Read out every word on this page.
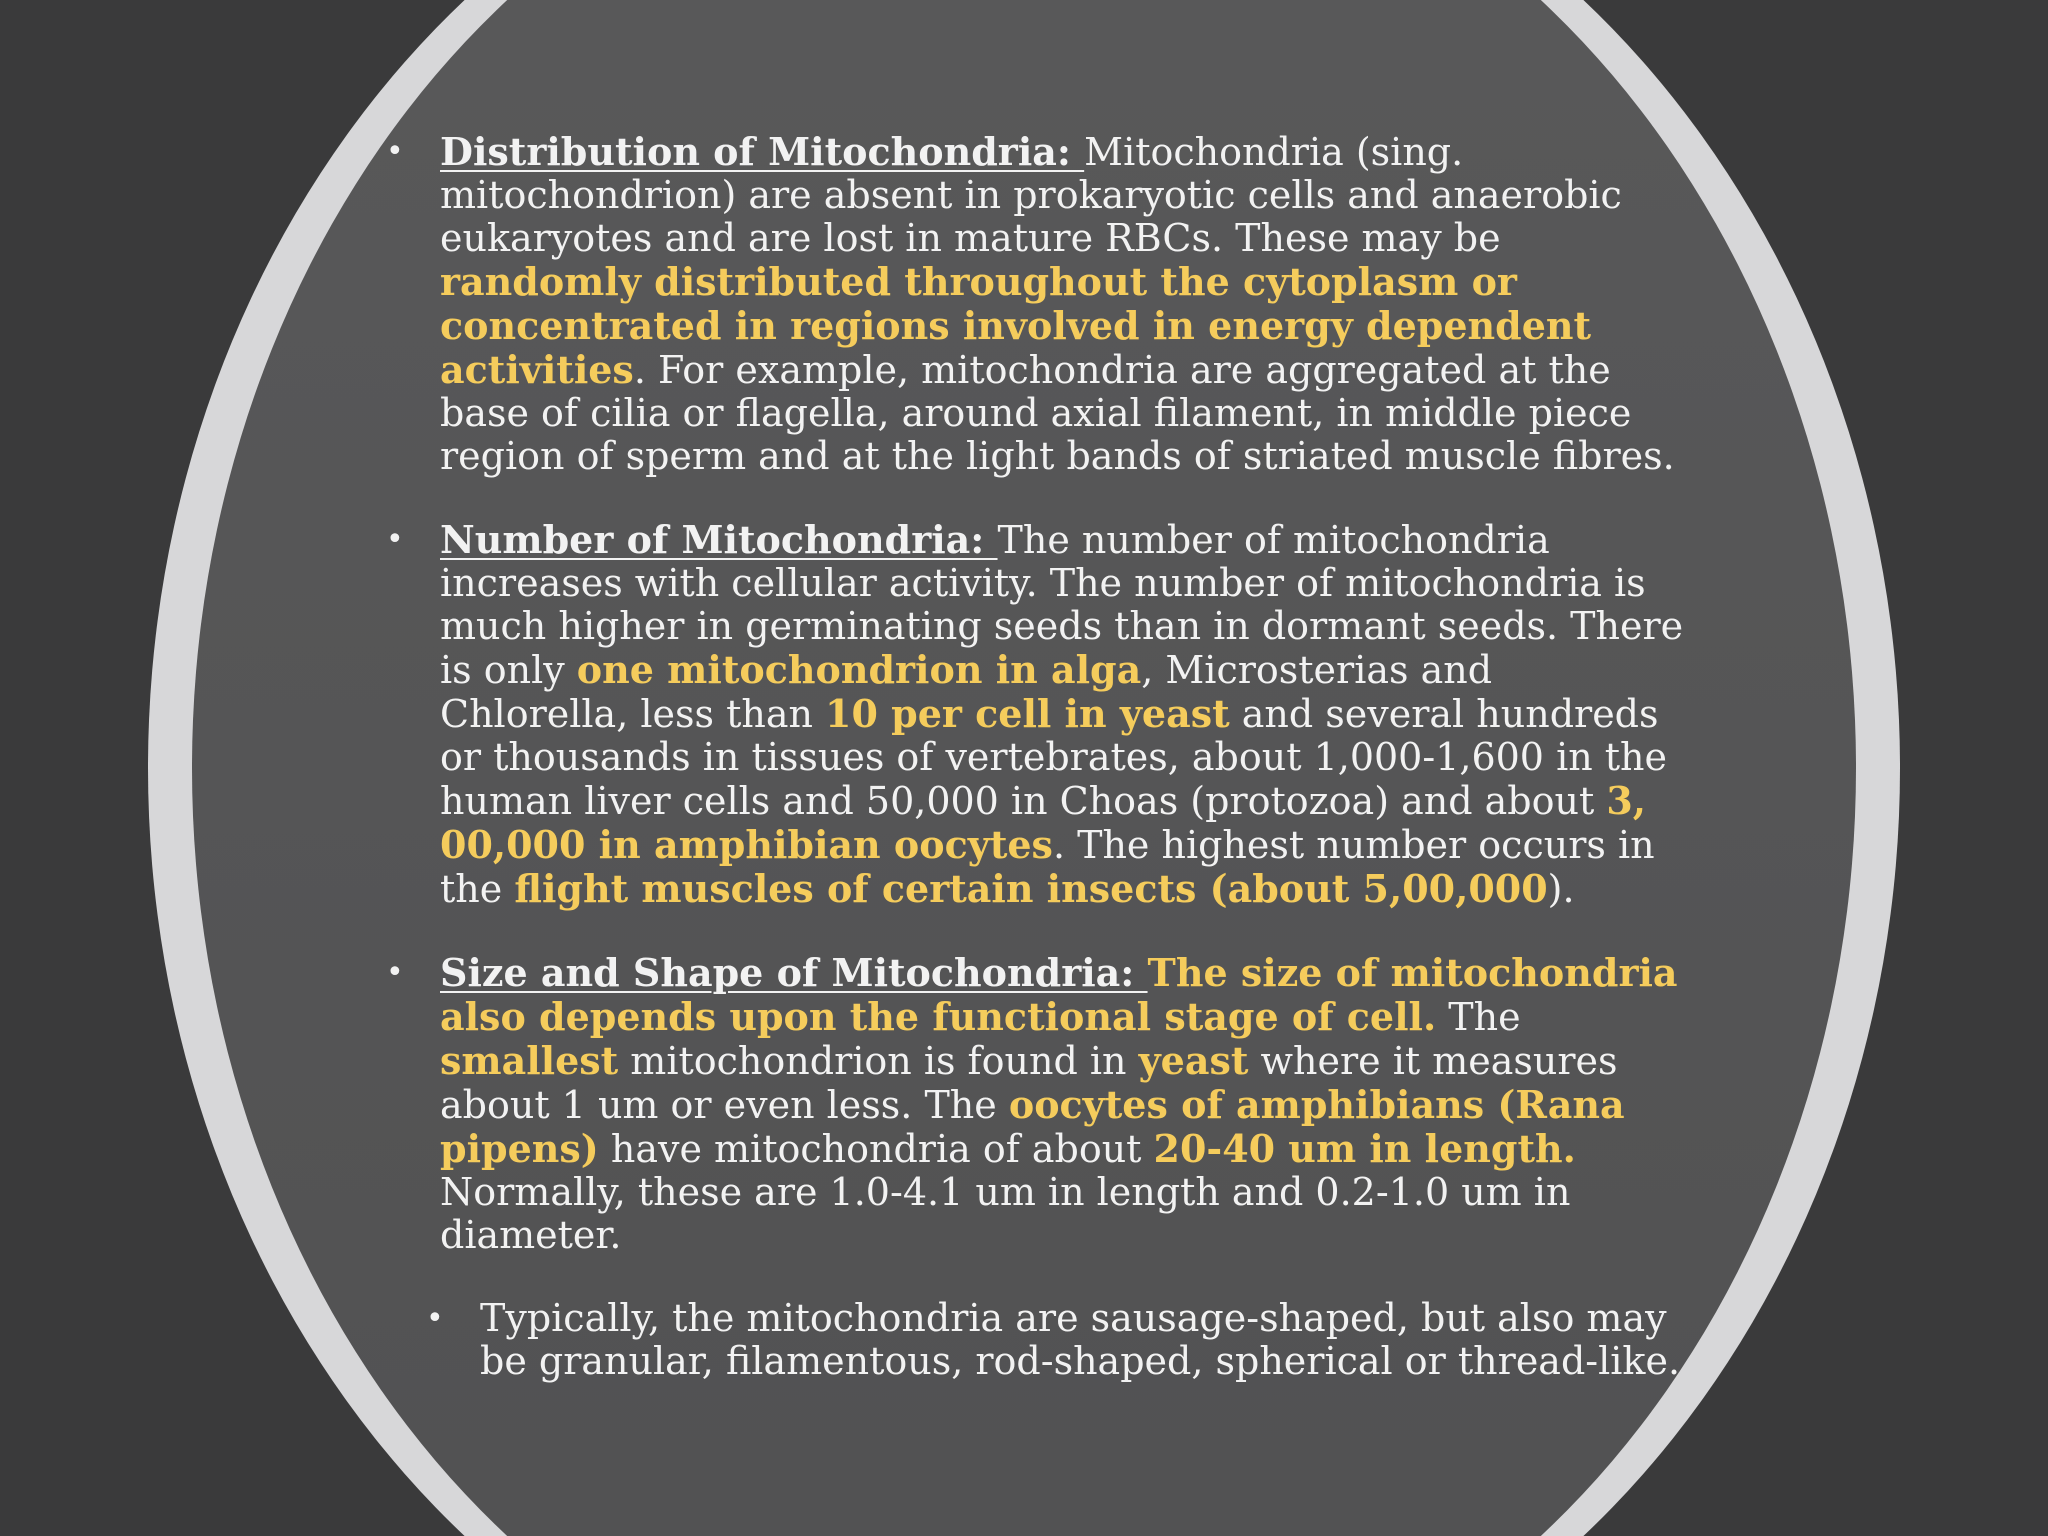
• Distribution of Mitochondria: Mitochondria (sing. mitochondrion) are absent in prokaryotic cells and anaerobic eukaryotes and are lost in mature RBCs. These may be randomly distributed throughout the cytoplasm or concentrated in regions involved in energy dependent activities. For example, mitochondria are aggregated at the base of cilia or flagella, around axial filament, in middle piece region of sperm and at the light bands of striated muscle fibres.

• Number of Mitochondria: The number of mitochondria increases with cellular activity. The number of mitochondria is much higher in germinating seeds than in dormant seeds. There is only one mitochondrion in alga, Microsterias and Chlorella, less than 10 per cell in yeast and several hundreds or thousands in tissues of vertebrates, about 1,000-1,600 in the human liver cells and 50,000 in Choas (protozoa) and about 3, 00,000 in amphibian oocytes. The highest number occurs in the flight muscles of certain insects (about 5,00,000).

• Size and Shape of Mitochondria: The size of mitochondria also depends upon the functional stage of cell. The smallest mitochondrion is found in yeast where it measures about 1 um or even less. The oocytes of amphibians (Rana pipens) have mitochondria of about 20-40 um in length. Normally, these are 1.0-4.1 um in length and 0.2-1.0 um in diameter.

• Typically, the mitochondria are sausage-shaped, but also may be granular, filamentous, rod-shaped, spherical or thread-like.
